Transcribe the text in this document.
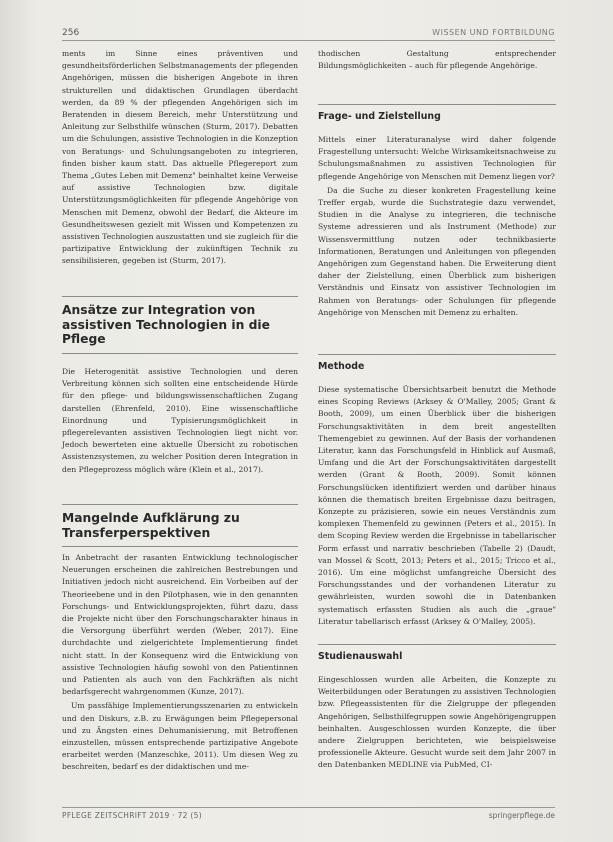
256	WISSEN UND FORTBILDUNG

ments im Sinne eines präventiven und gesundheitsförderlichen Selbstmanagements der pflegenden Angehörigen, müssen die bisherigen Angebote in ihren strukturellen und didaktischen Grundlagen überdacht werden, da 89 % der pflegenden Angehörigen sich im Beratenden in diesem Bereich, mehr Unterstützung und Anleitung zur Selbsthilfe wünschen (Sturm, 2017). Debatten um die Schulungen, assistive Technologien in die Konzeption von Beratungs- und Schulungsangeboten zu integrieren, finden bisher kaum statt. Das aktuelle Pflegereport zum Thema „Gutes Leben mit Demenz" beinhaltet keine Verweise auf assistive Technologien bzw. digitale Unterstützungsmöglichkeiten für pflegende Angehörige von Menschen mit Demenz, obwohl der Bedarf, die Akteure im Gesundheitswesen gezielt mit Wissen und Kompetenzen zu assistiven Technologien auszustatten und sie zugleich für die partizipative Entwicklung der zukünftigen Technik zu sensibilisieren, gegeben ist (Sturm, 2017).

Ansätze zur Integration von assistiven Technologien in die Pflege

Die Heterogenität assistive Technologien und deren Verbreitung können sich sollten eine entscheidende Hürde für den pflege- und bildungswissenschaftlichen Zugang darstellen (Ehrenfeld, 2010). Eine wissenschaftliche Einordnung und Typisierungsmöglichkeit in pflegerelevanten assistiven Technologien liegt nicht vor. Jedoch bewerteten eine aktuelle Übersicht zu robotischen Assistenzsystemen, zu welcher Position deren Integration in den Pflegeprozess möglich wäre (Klein et al., 2017).

Mangelnde Aufklärung zu Transferperspektiven

In Anbetracht der rasanten Entwicklung technologischer Neuerungen erscheinen die zahlreichen Bestrebungen und Initiativen jedoch nicht ausreichend. Ein Vorbeiben auf der Theorieebene und in den Pilotphasen, wie in den genannten Forschungs- und Entwicklungsprojekten, führt dazu, dass die Projekte nicht über den Forschungscharakter hinaus in die Versorgung überführt werden (Weber, 2017). Eine durchdachte und zielgerichtete Implementierung findet nicht statt. In der Konsequenz wird die Entwicklung von assistive Technologien häufig sowohl von den Patientinnen und Patienten als auch von den Fachkräften als nicht bedarfsgerecht wahrgenommen (Kunze, 2017).

Um passfähige Implementierungsszenarien zu entwickeln und den Diskurs, z.B. zu Erwägungen beim Pflegepersonal und zu Ängsten eines Dehumanisierung, mit Betroffenen einzustellen, müssen entsprechende partizipative Angebote erarbeitet werden (Manzeschke, 2011). Um diesen Weg zu beschreiten, bedarf es der didaktischen und me-

thodischen Gestaltung entsprechender Bildungsmöglichkeiten – auch für pflegende Angehörige.

Frage- und Zielstellung

Mittels einer Literaturanalyse wird daher folgende Fragestellung untersucht: Welche Wirksamkeitsnachweise zu Schulungsmaßnahmen zu assistiven Technologien für pflegende Angehörige von Menschen mit Demenz liegen vor?

Da die Suche zu dieser konkreten Fragestellung keine Treffer ergab, wurde die Suchstrategie dazu verwendet, Studien in die Analyse zu integrieren, die technische Systeme adressieren und als Instrument (Methode) zur Wissensvermittlung nutzen oder technikbasierte Informationen, Beratungen und Anleitungen von pflegenden Angehörigen zum Gegenstand haben. Die Erweiterung dient daher der Zielstellung, einen Überblick zum bisherigen Verständnis und Einsatz von assistiver Technologien im Rahmen von Beratungs- oder Schulungen für pflegende Angehörige von Menschen mit Demenz zu erhalten.

Methode

Diese systematische Übersichtsarbeit benutzt die Methode eines Scoping Reviews (Arksey & O'Malley, 2005; Grant & Booth, 2009), um einen Überblick über die bisherigen Forschungsaktivitäten in dem breit angestellten Themengebiet zu gewinnen. Auf der Basis der vorhandenen Literatur, kann das Forschungsfeld in Hinblick auf Ausmaß, Umfang und die Art der Forschungsaktivitäten dargestellt werden (Grant & Booth, 2009). Somit können Forschungslücken identifiziert werden und darüber hinaus können die thematisch breiten Ergebnisse dazu beitragen, Konzepte zu präzisieren, sowie ein neues Verständnis zum komplexen Themenfeld zu gewinnen (Peters et al., 2015). In dem Scoping Review werden die Ergebnisse in tabellarischer Form erfasst und narrativ beschrieben (Tabelle 2) (Daudt, van Mossel & Scott, 2013; Peters et al., 2015; Tricco et al., 2016). Um eine möglichst umfangreiche Übersicht des Forschungsstandes und der vorhandenen Literatur zu gewährleisten, wurden sowohl die in Datenbanken systematisch erfassten Studien als auch die „graue" Literatur tabellarisch erfasst (Arksey & O'Malley, 2005).

Studienauswahl

Eingeschlossen wurden alle Arbeiten, die Konzepte zu Weiterbildungen oder Beratungen zu assistiven Technologien bzw. Pflegeassistenten für die Zielgruppe der pflegenden Angehörigen, Selbsthilfegruppen sowie Angehörigengruppen beinhalten. Ausgeschlossen wurden Konzepte, die über andere Zielgruppen berichteten, wie beispielsweise professionelle Akteure. Gesucht wurde seit dem Jahr 2007 in den Datenbanken MEDLINE via PubMed, CI-

PFLEGE ZEITSCHRIFT 2019 · 72 (5)	springerpflege.de
